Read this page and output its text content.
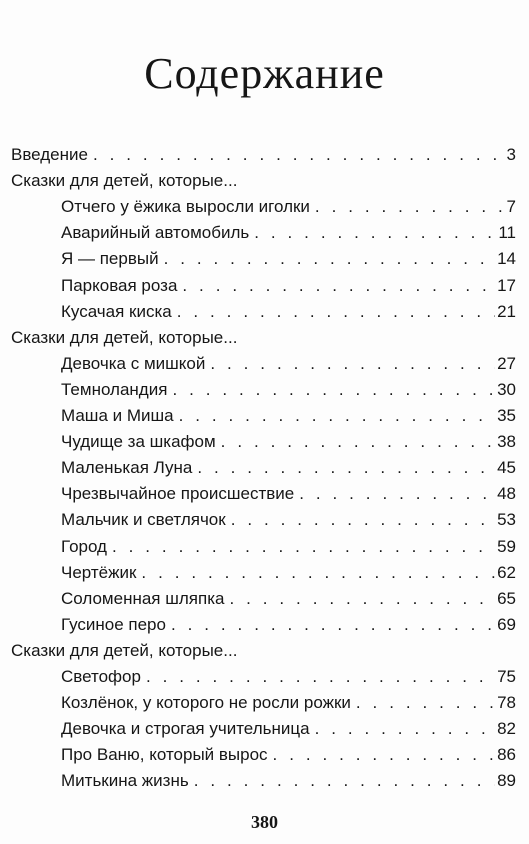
Содержание
Введение . . .	3
Сказки для детей, которые...
Отчего у ёжика выросли иголки . . .	7
Аварийный автомобиль . . .	11
Я — первый . . .	14
Парковая роза . . .	17
Кусачая киска . . .	21
Сказки для детей, которые...
Девочка с мишкой . . .	27
Темноландия . . .	30
Маша и Миша . . .	35
Чудище за шкафом . . .	38
Маленькая Луна . . .	45
Чрезвычайное происшествие . . .	48
Мальчик и светлячок . . .	53
Город . . .	59
Чертёжик . . .	62
Соломенная шляпка . . .	65
Гусиное перо . . .	69
Сказки для детей, которые...
Светофор . . .	75
Козлёнок, у которого не росли рожки . . .	78
Девочка и строгая учительница . . .	82
Про Ваню, который вырос . . .	86
Митькина жизнь . . .	89
380
